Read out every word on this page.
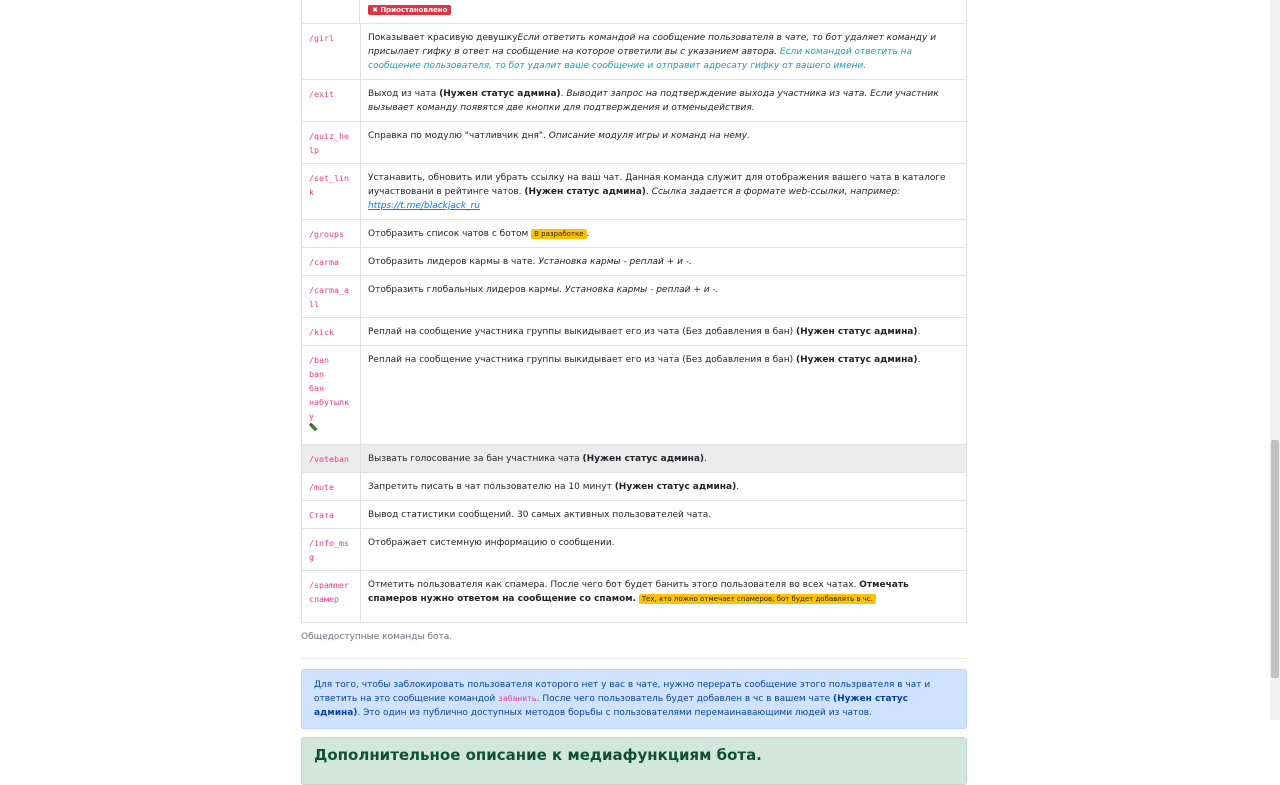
✖ Приостановлено
/girl	Показывает красивую девушкуЕсли ответить командой на сообщение пользователя в чате, то бот удаляет команду и присылает гифку в ответ на сообщение на которое ответили вы с указанием автора. Если командой ответить на сообщение пользователя, то бот удалит ваше сообщение и отправит адресату гифку от вашего имени.

/exit	Выход из чата (Нужен статус админа). Выводит запрос на подтверждение выхода участника из чата. Если участник вызывает команду появятся две кнопки для подтверждения и отменыдействия.

/quiz_help	Справка по модулю "чатливчик дня". Описание модуля игры и команд на нему.

/set_link	Устанавить, обновить или убрать ссылку на ваш чат. Данная команда служит для отображения вашего чата в каталоге иучаствовани в рейтинге чатов. (Нужен статус админа). Ссылка задается в формате web-ссылки, например: https://t.me/blackjack_ru

/groups	Отобразить список чатов с ботом В разработке .

/carma	Отобразить лидеров кармы в чате. Установка кармы - реплай + и -.

/carma_all	Отобразить глобальных лидеров кармы. Установка кармы - реплай + и -.

/kick	Реплай на сообщение участника группы выкидывает его из чата (Без добавления в бан) (Нужен статус админа).

/ban
ban
бан
набутылку	Реплай на сообщение участника группы выкидывает его из чата (Без добавления в бан) (Нужен статус админа).

/voteban	Вызвать голосование за бан участника чата (Нужен статус админа).

/mute	Запретить писать в чат пользователю на 10 минут (Нужен статус админа).

Стата	Вывод статистики сообщений. 30 самых активных пользователей чата.

/info_msg	Отображает системную информацию о сообщении.

/spammer
спамер	Отметить пользователя как спамера. После чего бот будет банить этого пользователя во всех чатах. Отмечать спамеров нужно ответом на сообщение со спамом. Тех, кто ложно отмечает спамеров, бот будет добавлять в чс.
Общедоступные команды бота.
Для того, чтобы заблокировать пользователя которого нет у вас в чате, нужно перерать сообщение этого пользрвателя в чат и ответить на это сообщение командой забанить. После чего пользователь будет добавлен в чс в вашем чате (Нужен статус админа). Это один из публично доступных методов борьбы с пользователями перемаинавающими людей из чатов.
Дополнительное описание к медиафункциям бота.
